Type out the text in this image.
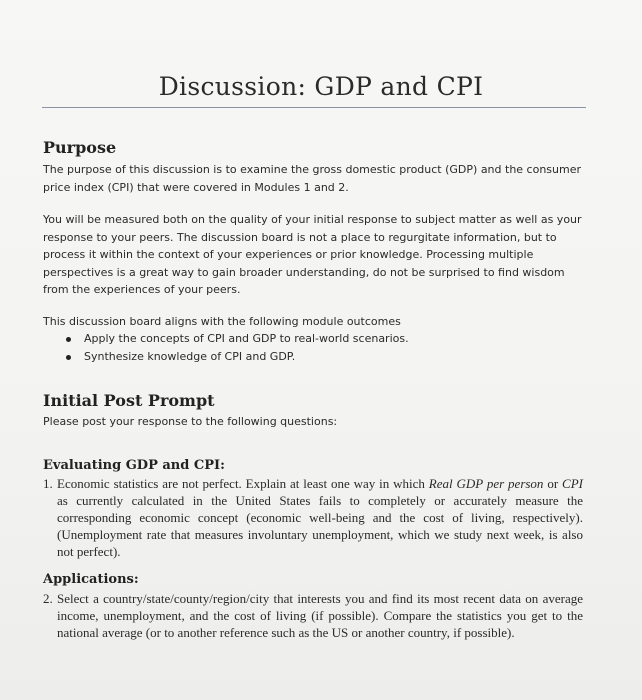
Discussion: GDP and CPI
Purpose
The purpose of this discussion is to examine the gross domestic product (GDP) and the consumer price index (CPI) that were covered in Modules 1 and 2.
You will be measured both on the quality of your initial response to subject matter as well as your response to your peers. The discussion board is not a place to regurgitate information, but to process it within the context of your experiences or prior knowledge. Processing multiple perspectives is a great way to gain broader understanding, do not be surprised to find wisdom from the experiences of your peers.
This discussion board aligns with the following module outcomes
Apply the concepts of CPI and GDP to real-world scenarios.
Synthesize knowledge of CPI and GDP.
Initial Post Prompt
Please post your response to the following questions:
Evaluating GDP and CPI:
1. Economic statistics are not perfect. Explain at least one way in which Real GDP per person or CPI as currently calculated in the United States fails to completely or accurately measure the corresponding economic concept (economic well-being and the cost of living, respectively). (Unemployment rate that measures involuntary unemployment, which we study next week, is also not perfect).
Applications:
2. Select a country/state/county/region/city that interests you and find its most recent data on average income, unemployment, and the cost of living (if possible). Compare the statistics you get to the national average (or to another reference such as the US or another country, if possible).
